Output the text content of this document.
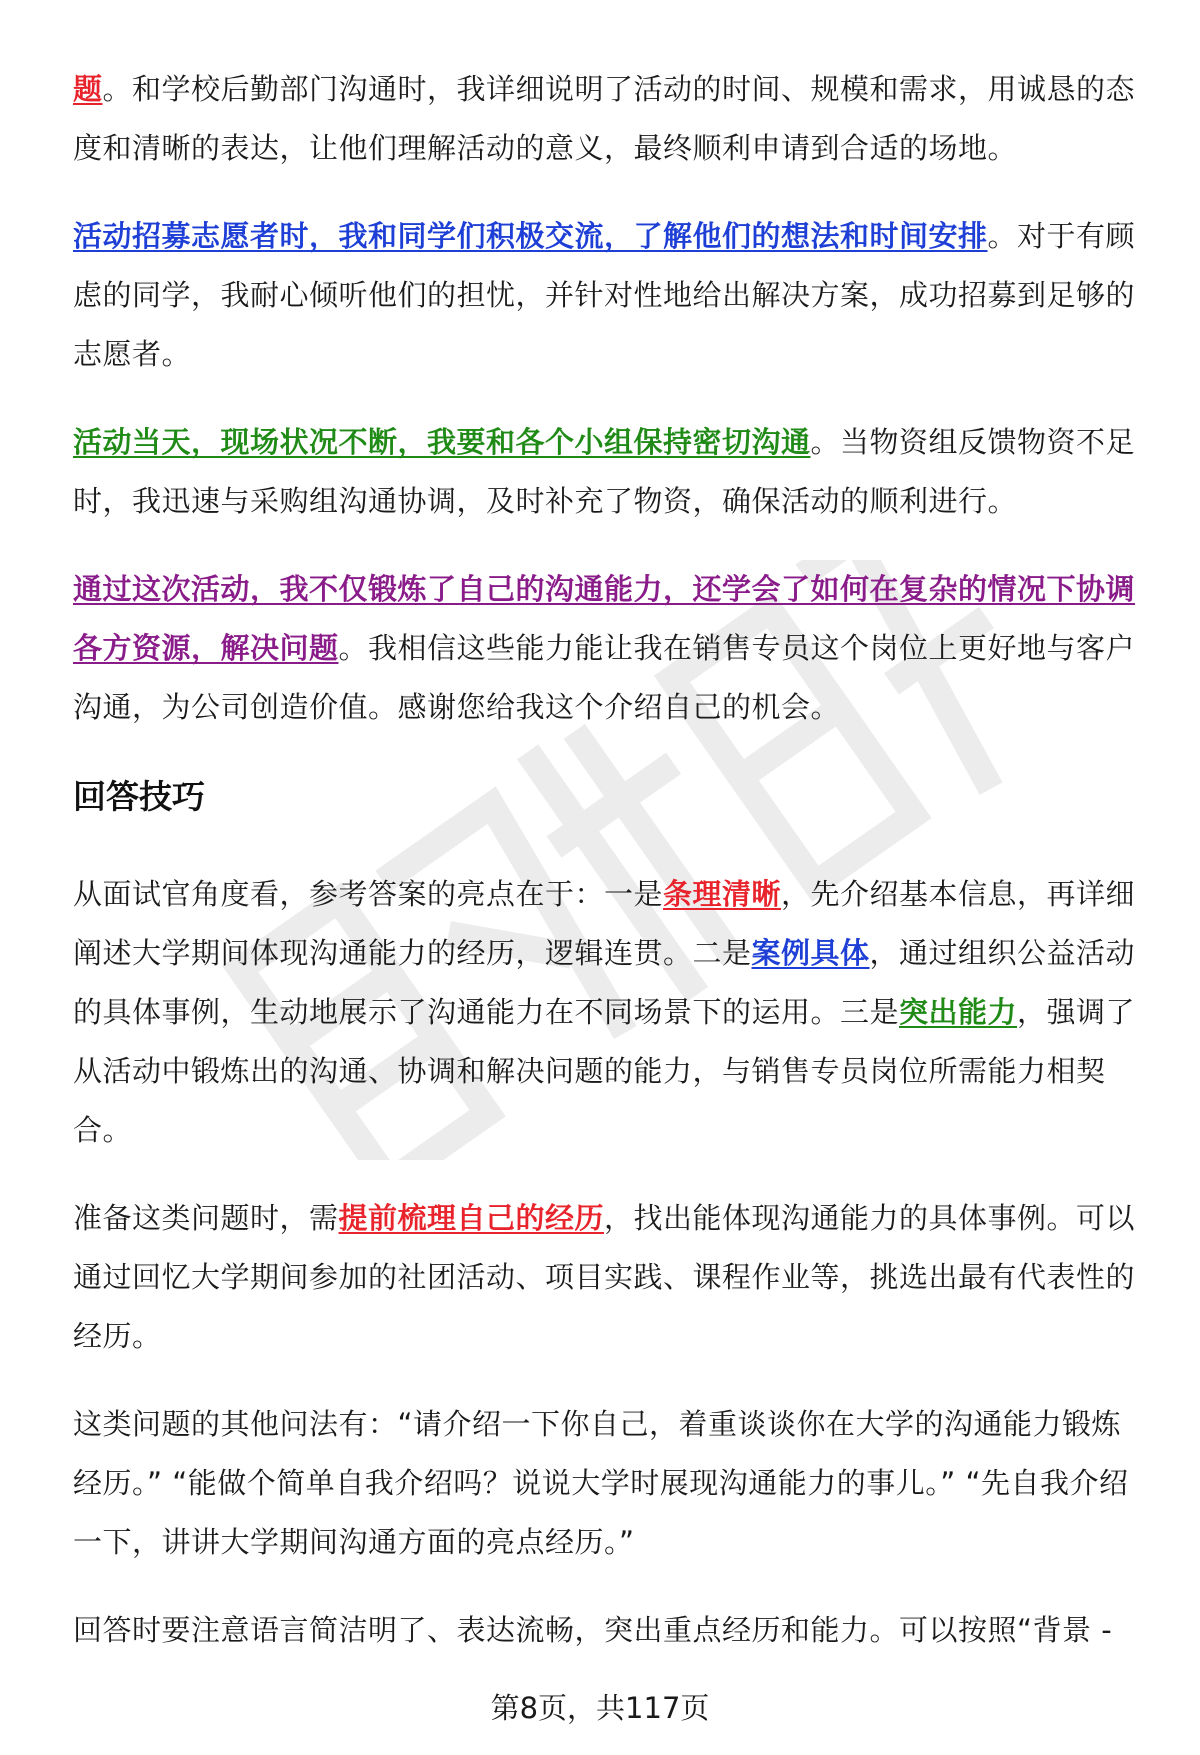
题。和学校后勤部门沟通时，我详细说明了活动的时间、规模和需求，用诚恳的态度和清晰的表达，让他们理解活动的意义，最终顺利申请到合适的场地。

活动招募志愿者时，我和同学们积极交流，了解他们的想法和时间安排。对于有顾虑的同学，我耐心倾听他们的担忧，并针对性地给出解决方案，成功招募到足够的志愿者。

活动当天，现场状况不断，我要和各个小组保持密切沟通。当物资组反馈物资不足时，我迅速与采购组沟通协调，及时补充了物资，确保活动的顺利进行。

通过这次活动，我不仅锻炼了自己的沟通能力，还学会了如何在复杂的情况下协调各方资源，解决问题。我相信这些能力能让我在销售专员这个岗位上更好地与客户沟通，为公司创造价值。感谢您给我这个介绍自己的机会。

回答技巧

从面试官角度看，参考答案的亮点在于：一是条理清晰，先介绍基本信息，再详细阐述大学期间体现沟通能力的经历，逻辑连贯。二是案例具体，通过组织公益活动的具体事例，生动地展示了沟通能力在不同场景下的运用。三是突出能力，强调了从活动中锻炼出的沟通、协调和解决问题的能力，与销售专员岗位所需能力相契合。

准备这类问题时，需提前梳理自己的经历，找出能体现沟通能力的具体事例。可以通过回忆大学期间参加的社团活动、项目实践、课程作业等，挑选出最有代表性的经历。

这类问题的其他问法有：“请介绍一下你自己，着重谈谈你在大学的沟通能力锻炼经历。” “能做个简单自我介绍吗？说说大学时展现沟通能力的事儿。” “先自我介绍一下，讲讲大学期间沟通方面的亮点经历。”

回答时要注意语言简洁明了、表达流畅，突出重点经历和能力。可以按照“背景 -

第8页，共117页
